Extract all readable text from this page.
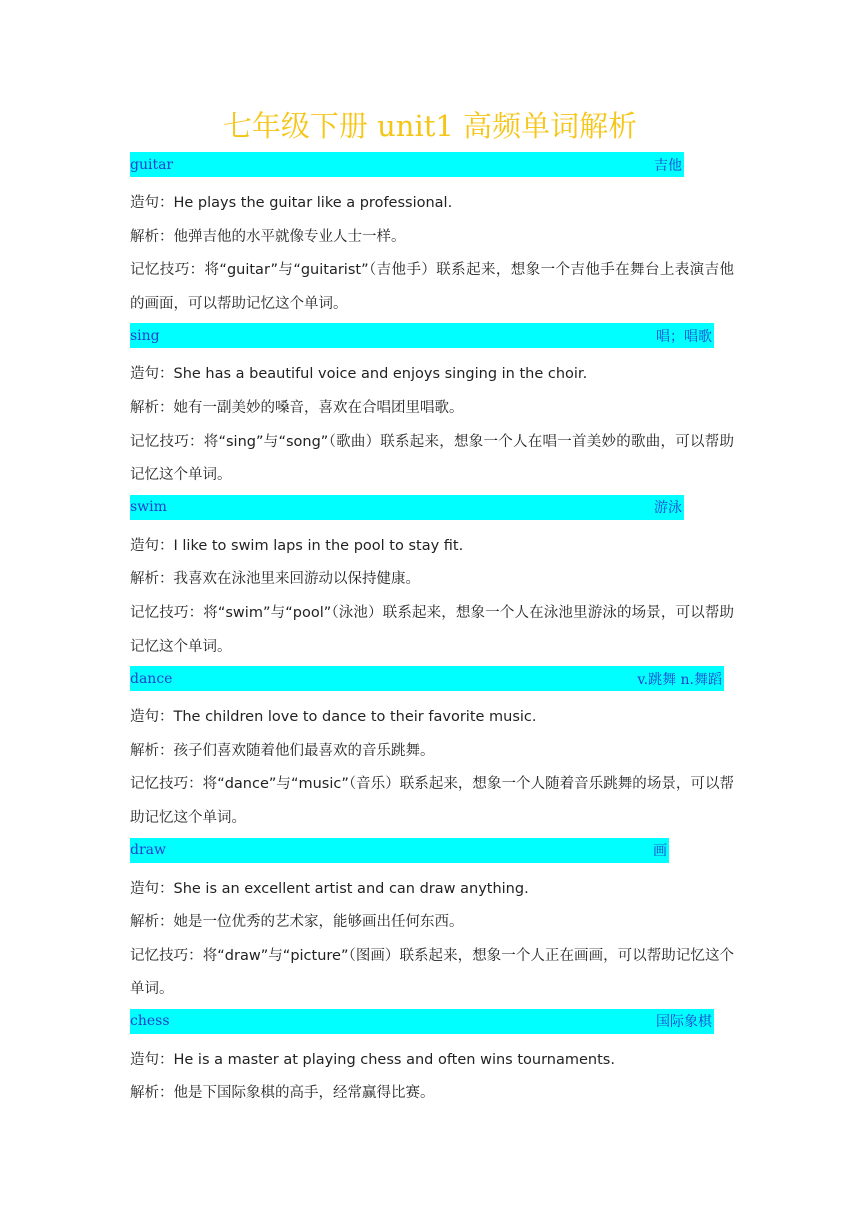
七年级下册 unit1 高频单词解析
guitar	吉他

造句：He plays the guitar like a professional.

解析：他弹吉他的水平就像专业人士一样。

记忆技巧：将“guitar”与“guitarist”（吉他手）联系起来，想象一个吉他手在舞台上表演吉他的画面，可以帮助记忆这个单词。

sing	唱；唱歌

造句：She has a beautiful voice and enjoys singing in the choir.

解析：她有一副美妙的嗓音，喜欢在合唱团里唱歌。

记忆技巧：将“sing”与“song”（歌曲）联系起来，想象一个人在唱一首美妙的歌曲，可以帮助记忆这个单词。

swim	游泳

造句：I like to swim laps in the pool to stay fit.

解析：我喜欢在泳池里来回游动以保持健康。

记忆技巧：将“swim”与“pool”（泳池）联系起来，想象一个人在泳池里游泳的场景，可以帮助记忆这个单词。

dance	v.跳舞 n.舞蹈

造句：The children love to dance to their favorite music.

解析：孩子们喜欢随着他们最喜欢的音乐跳舞。

记忆技巧：将“dance”与“music”（音乐）联系起来，想象一个人随着音乐跳舞的场景，可以帮助记忆这个单词。

draw	画

造句：She is an excellent artist and can draw anything.

解析：她是一位优秀的艺术家，能够画出任何东西。

记忆技巧：将“draw”与“picture”（图画）联系起来，想象一个人正在画画，可以帮助记忆这个单词。

chess	国际象棋

造句：He is a master at playing chess and often wins tournaments.

解析：他是下国际象棋的高手，经常赢得比赛。
